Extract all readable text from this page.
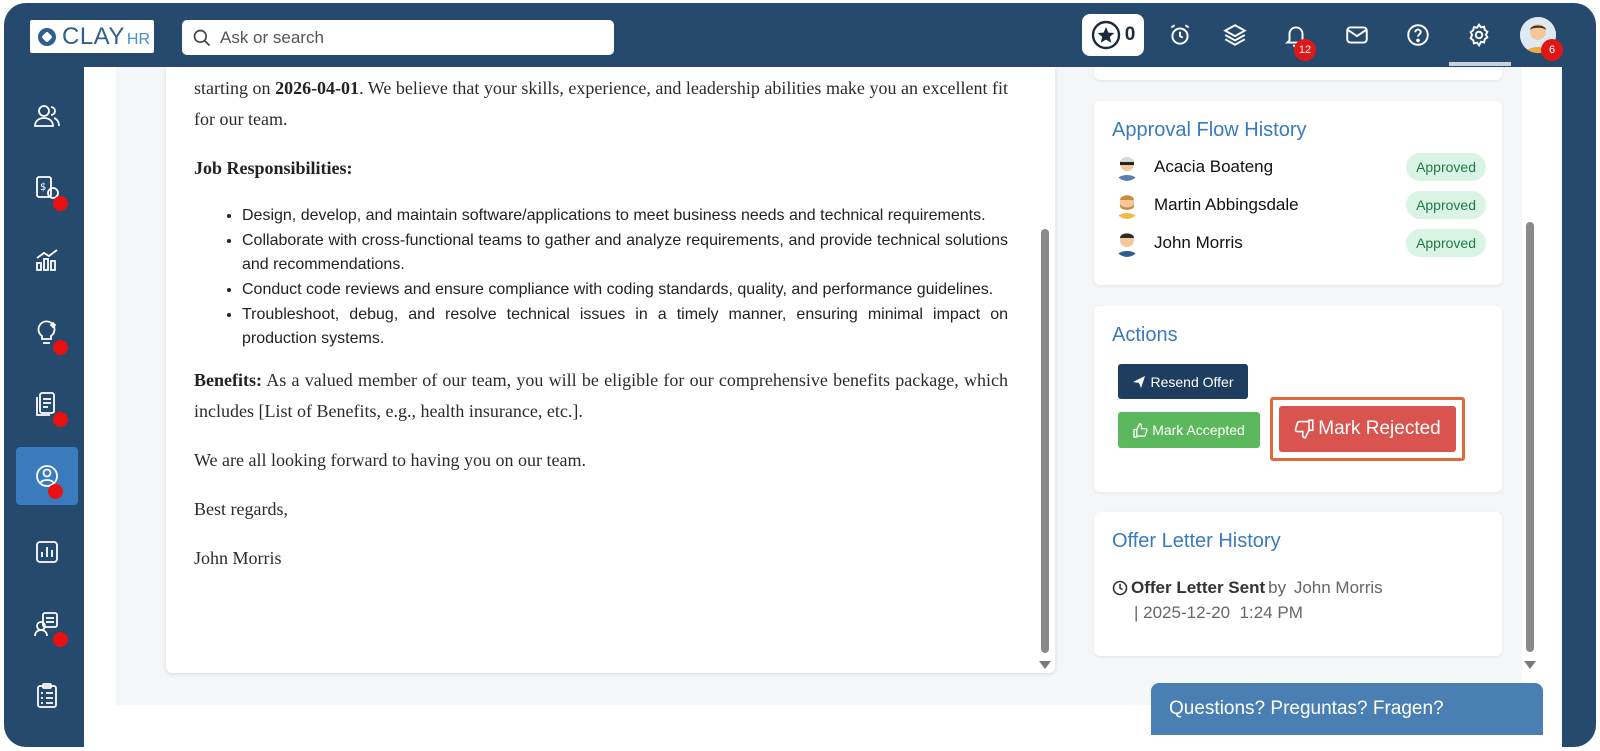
CLAY HR
Ask or search	0
12	6
$

starting on 2026-04-01. We believe that your skills, experience, and leadership abilities make you an excellent fit for our team.

Job Responsibilities:

• Design, develop, and maintain software/applications to meet business needs and technical requirements.
• Collaborate with cross-functional teams to gather and analyze requirements, and provide technical solutions and recommendations.
• Conduct code reviews and ensure compliance with coding standards, quality, and performance guidelines.
• Troubleshoot, debug, and resolve technical issues in a timely manner, ensuring minimal impact on production systems.

Benefits: As a valued member of our team, you will be eligible for our comprehensive benefits package, which includes [List of Benefits, e.g., health insurance, etc.].

We are all looking forward to having you on our team.

Best regards,

John Morris

Approval Flow History
Acacia Boateng	Approved
Martin Abbingsdale	Approved
John Morris	Approved
Actions
Resend Offer
Mark Accepted	Mark Rejected
Offer Letter History
Offer Letter Sent by John Morris
| 2025-12-20  1:24 PM
Questions? Preguntas? Fragen?
